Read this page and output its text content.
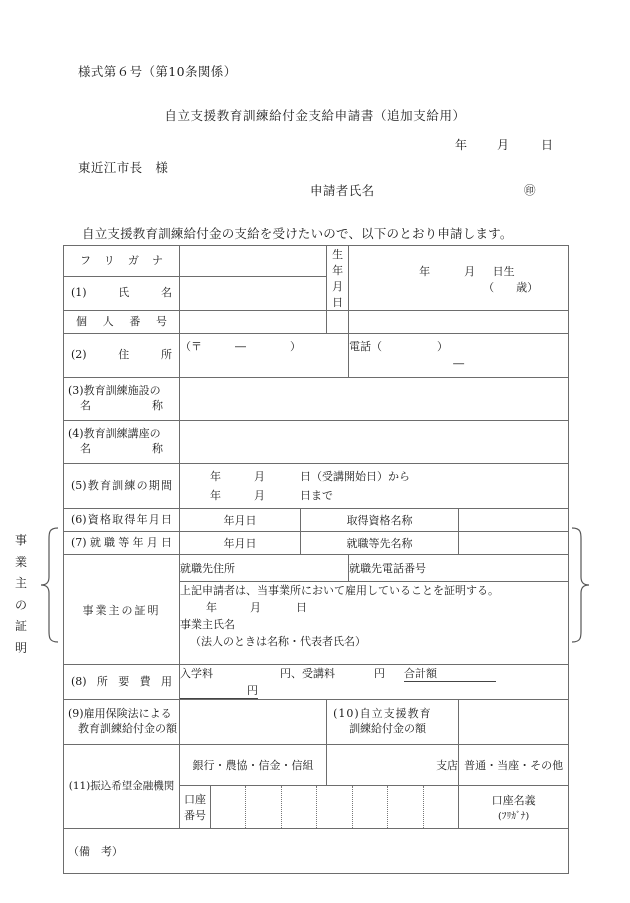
様式第６号（第10条関係）
自立支援教育訓練給付金支給申請書（追加支給用）
年 月	日
東近江市長　様
申請者氏名	㊞
自立支援教育訓練給付金の支給を受けたいので、以下のとおり申請します。
事
業
主
の
証
明
フリガナ				生年月日	年 月 日生
（　　歳）		

(1)氏名							

個人番号							

(2)住所	（〒　　　―　　　　）				電話（　　　　　）
―		

(3)教育訓練施設の
名称							

(4)教育訓練講座の
名称							

(5)教育訓練の期間	年 月 日（受講開始日）から
年 月 日まで						

(6)資格取得年月日	年月日		取得資格名称				

(7)就職等年月日	年月日		就職等先名称				
事業主の証明	就職先住所				就職先電話番号		

	上記申請者は、当事業所において雇用していることを証明する。
年 月 日
事業主氏名
（法人のときは名称・代表者氏名）						

(8)所要費用	入学料 円、受講料 円 合計額円						

(9)雇用保険法による
教育訓練給付金の額

(10)自立支援教育
訓練給付金の額

(11)振込希望金融機関	銀行・農協・信金・信組			支店		普通・当座・その他	
	口座番号					口座名義
(ﾌﾘｶﾞﾅ)	

（備　考）							
